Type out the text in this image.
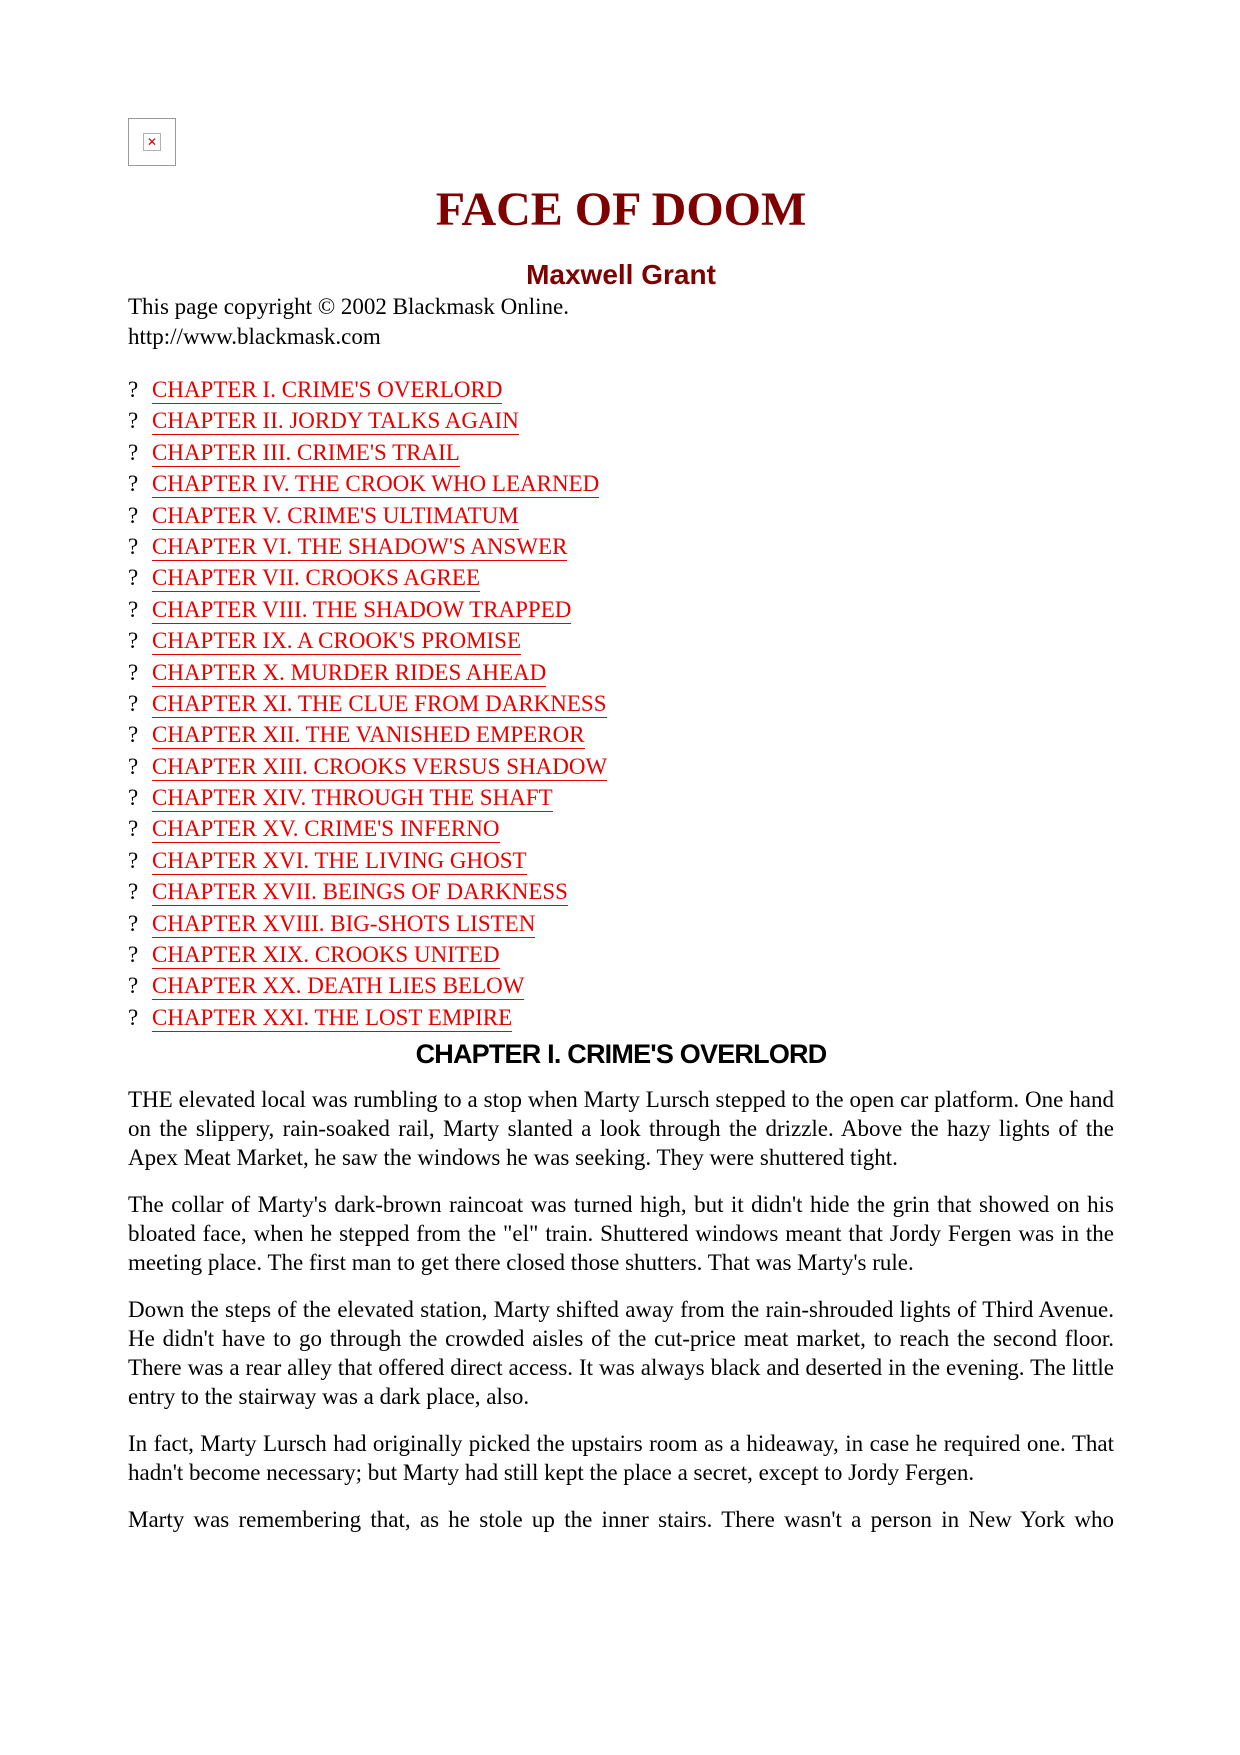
✕
FACE OF DOOM
Maxwell Grant

This page copyright © 2002 Blackmask Online.

http://www.blackmask.com

? CHAPTER I. CRIME'S OVERLORD
? CHAPTER II. JORDY TALKS AGAIN
? CHAPTER III. CRIME'S TRAIL
? CHAPTER IV. THE CROOK WHO LEARNED
? CHAPTER V. CRIME'S ULTIMATUM
? CHAPTER VI. THE SHADOW'S ANSWER
? CHAPTER VII. CROOKS AGREE
? CHAPTER VIII. THE SHADOW TRAPPED
? CHAPTER IX. A CROOK'S PROMISE
? CHAPTER X. MURDER RIDES AHEAD
? CHAPTER XI. THE CLUE FROM DARKNESS
? CHAPTER XII. THE VANISHED EMPEROR
? CHAPTER XIII. CROOKS VERSUS SHADOW
? CHAPTER XIV. THROUGH THE SHAFT
? CHAPTER XV. CRIME'S INFERNO
? CHAPTER XVI. THE LIVING GHOST
? CHAPTER XVII. BEINGS OF DARKNESS
? CHAPTER XVIII. BIG-SHOTS LISTEN
? CHAPTER XIX. CROOKS UNITED
? CHAPTER XX. DEATH LIES BELOW
? CHAPTER XXI. THE LOST EMPIRE
CHAPTER I. CRIME'S OVERLORD

THE elevated local was rumbling to a stop when Marty Lursch stepped to the open car platform. One hand on the slippery, rain-soaked rail, Marty slanted a look through the drizzle. Above the hazy lights of the Apex Meat Market, he saw the windows he was seeking. They were shuttered tight.

The collar of Marty's dark-brown raincoat was turned high, but it didn't hide the grin that showed on his bloated face, when he stepped from the "el" train. Shuttered windows meant that Jordy Fergen was in the meeting place. The first man to get there closed those shutters. That was Marty's rule.

Down the steps of the elevated station, Marty shifted away from the rain-shrouded lights of Third Avenue. He didn't have to go through the crowded aisles of the cut-price meat market, to reach the second floor. There was a rear alley that offered direct access. It was always black and deserted in the evening. The little entry to the stairway was a dark place, also.

In fact, Marty Lursch had originally picked the upstairs room as a hideaway, in case he required one. That hadn't become necessary; but Marty had still kept the place a secret, except to Jordy Fergen.

Marty was remembering that, as he stole up the inner stairs. There wasn't a person in New York who
